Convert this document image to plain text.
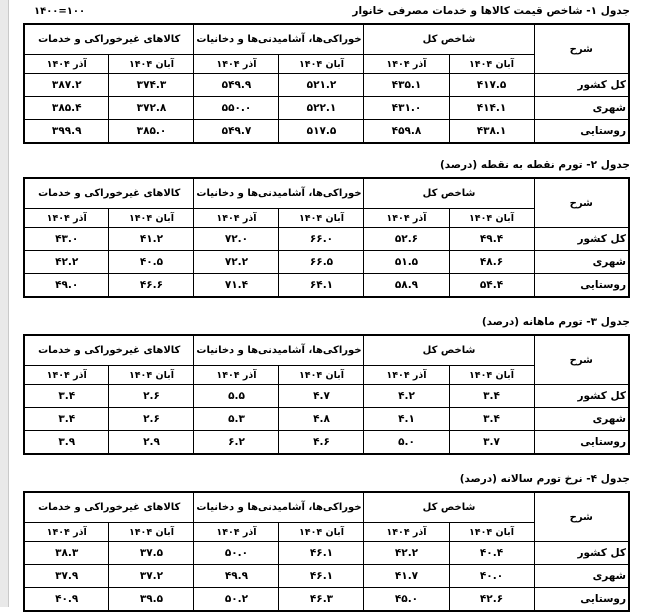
۱۴۰۰=۱۰۰	جدول ۱- شاخص قیمت کالاها و خدمات مصرفی خانوار
شرح	شاخص کل		خوراکی‌ها، آشامیدنی‌ها و دخانیات		کالاهای غیرخوراکی و خدمات	
	آبان ۱۴۰۴	آذر ۱۴۰۴	آبان ۱۴۰۴	آذر ۱۴۰۴	آبان ۱۴۰۴	آذر ۱۴۰۴
کل کشور	۴۱۷.۵	۴۳۵.۱	۵۲۱.۲	۵۴۹.۹	۳۷۴.۳	۳۸۷.۲
شهری	۴۱۴.۱	۴۳۱.۰	۵۲۲.۱	۵۵۰.۰	۳۷۲.۸	۳۸۵.۴
روستایی	۴۳۸.۱	۴۵۹.۸	۵۱۷.۵	۵۴۹.۷	۳۸۵.۰	۳۹۹.۹
جدول ۲- تورم نقطه به نقطه (درصد)
شرح	شاخص کل		خوراکی‌ها، آشامیدنی‌ها و دخانیات		کالاهای غیرخوراکی و خدمات	
	آبان ۱۴۰۴	آذر ۱۴۰۴	آبان ۱۴۰۴	آذر ۱۴۰۴	آبان ۱۴۰۴	آذر ۱۴۰۴
کل کشور	۴۹.۴	۵۲.۶	۶۶.۰	۷۲.۰	۴۱.۲	۴۳.۰
شهری	۴۸.۶	۵۱.۵	۶۶.۵	۷۲.۲	۴۰.۵	۴۲.۲
روستایی	۵۴.۴	۵۸.۹	۶۴.۱	۷۱.۴	۴۶.۶	۴۹.۰
جدول ۳- تورم ماهانه (درصد)
شرح	شاخص کل		خوراکی‌ها، آشامیدنی‌ها و دخانیات		کالاهای غیرخوراکی و خدمات	
	آبان ۱۴۰۴	آذر ۱۴۰۴	آبان ۱۴۰۴	آذر ۱۴۰۴	آبان ۱۴۰۴	آذر ۱۴۰۴
کل کشور	۳.۴	۴.۲	۴.۷	۵.۵	۲.۶	۳.۴
شهری	۳.۴	۴.۱	۴.۸	۵.۳	۲.۶	۳.۴
روستایی	۳.۷	۵.۰	۴.۶	۶.۲	۲.۹	۳.۹
جدول ۴- نرخ تورم سالانه (درصد)
شرح	شاخص کل		خوراکی‌ها، آشامیدنی‌ها و دخانیات		کالاهای غیرخوراکی و خدمات	
	آبان ۱۴۰۴	آذر ۱۴۰۴	آبان ۱۴۰۴	آذر ۱۴۰۴	آبان ۱۴۰۴	آذر ۱۴۰۴
کل کشور	۴۰.۴	۴۲.۲	۴۶.۱	۵۰.۰	۳۷.۵	۳۸.۳
شهری	۴۰.۰	۴۱.۷	۴۶.۱	۴۹.۹	۳۷.۲	۳۷.۹
روستایی	۴۲.۶	۴۵.۰	۴۶.۳	۵۰.۲	۳۹.۵	۴۰.۹
